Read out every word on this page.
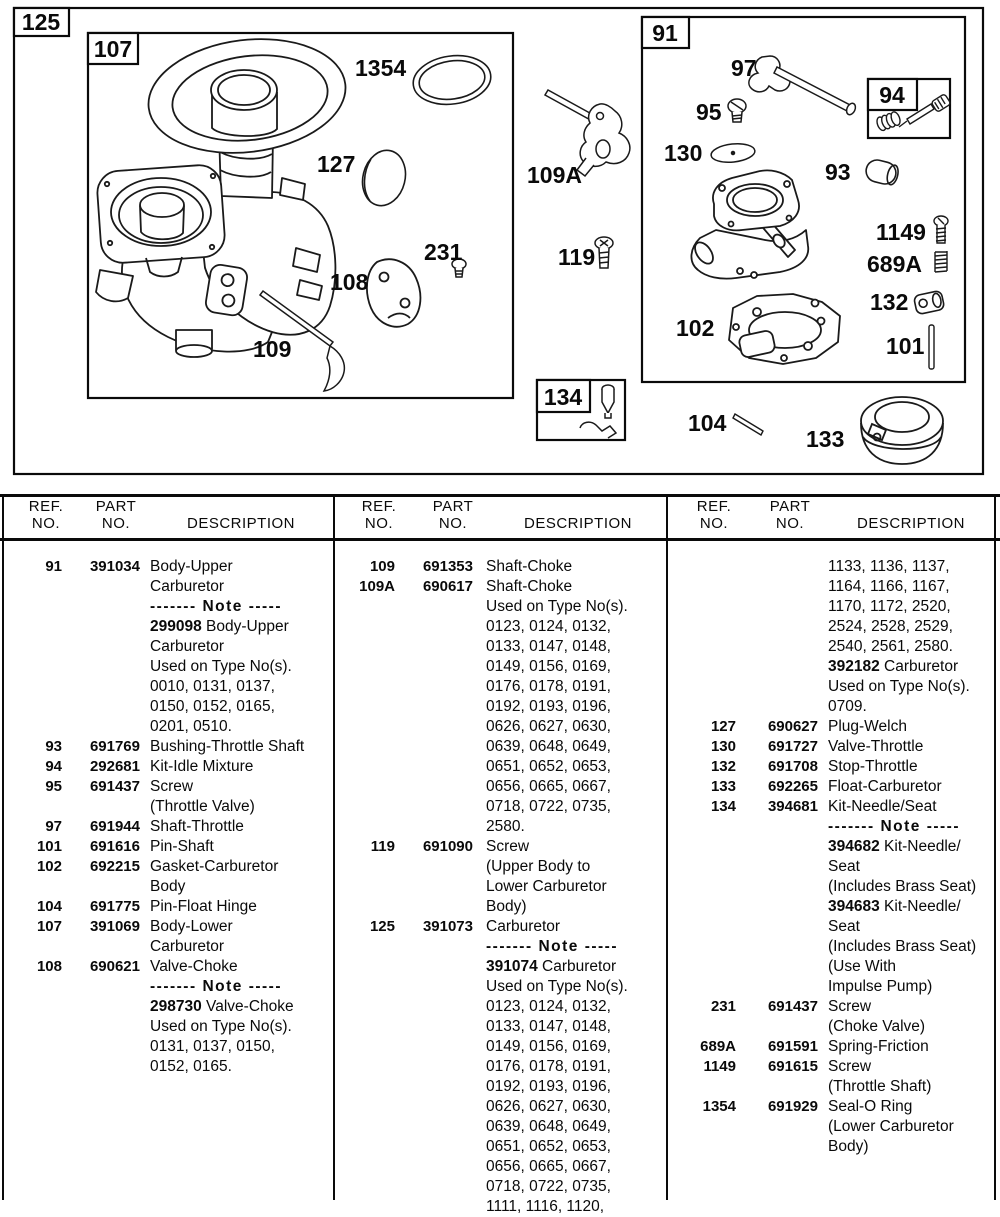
125
107
91
94
134
1354
127
231
108
109
109A
119
97
95
130
93
1149
689A
132
101
102
104
133
REF.
NO.
PART
NO.	DESCRIPTION
REF.
NO.
PART
NO.	DESCRIPTION
REF.
NO.
PART
NO.	DESCRIPTION
91	391034 Body-Upper
Carburetor
------- Note -----
299098 Body-Upper
Carburetor
Used on Type No(s).
0010, 0131, 0137,
0150, 0152, 0165,
0201, 0510.
93	691769 Bushing-Throttle Shaft
94	292681 Kit-Idle Mixture
95	691437 Screw
(Throttle Valve)
97	691944 Shaft-Throttle
101	691616 Pin-Shaft
102	692215 Gasket-Carburetor
Body
104	691775 Pin-Float Hinge
107	391069 Body-Lower
Carburetor
108	690621 Valve-Choke
------- Note -----
298730 Valve-Choke
Used on Type No(s).
0131, 0137, 0150,
0152, 0165.
109	691353 Shaft-Choke
109A	690617 Shaft-Choke
Used on Type No(s).
0123, 0124, 0132,
0133, 0147, 0148,
0149, 0156, 0169,
0176, 0178, 0191,
0192, 0193, 0196,
0626, 0627, 0630,
0639, 0648, 0649,
0651, 0652, 0653,
0656, 0665, 0667,
0718, 0722, 0735,
2580.
119	691090 Screw
(Upper Body to
Lower Carburetor
Body)
125	391073 Carburetor
------- Note -----
391074 Carburetor
Used on Type No(s).
0123, 0124, 0132,
0133, 0147, 0148,
0149, 0156, 0169,
0176, 0178, 0191,
0192, 0193, 0196,
0626, 0627, 0630,
0639, 0648, 0649,
0651, 0652, 0653,
0656, 0665, 0667,
0718, 0722, 0735,
1111, 1116, 1120,
1133, 1136, 1137,
1164, 1166, 1167,
1170, 1172, 2520,
2524, 2528, 2529,
2540, 2561, 2580.
392182 Carburetor
Used on Type No(s).
0709.
127	690627 Plug-Welch
130	691727 Valve-Throttle
132	691708 Stop-Throttle
133	692265 Float-Carburetor
134	394681 Kit-Needle/Seat
------- Note -----
394682 Kit-Needle/
Seat
(Includes Brass Seat)
394683 Kit-Needle/
Seat
(Includes Brass Seat)
(Use With
Impulse Pump)
231	691437 Screw
(Choke Valve)
689A	691591 Spring-Friction
1149	691615 Screw
(Throttle Shaft)
1354	691929 Seal-O Ring
(Lower Carburetor
Body)
